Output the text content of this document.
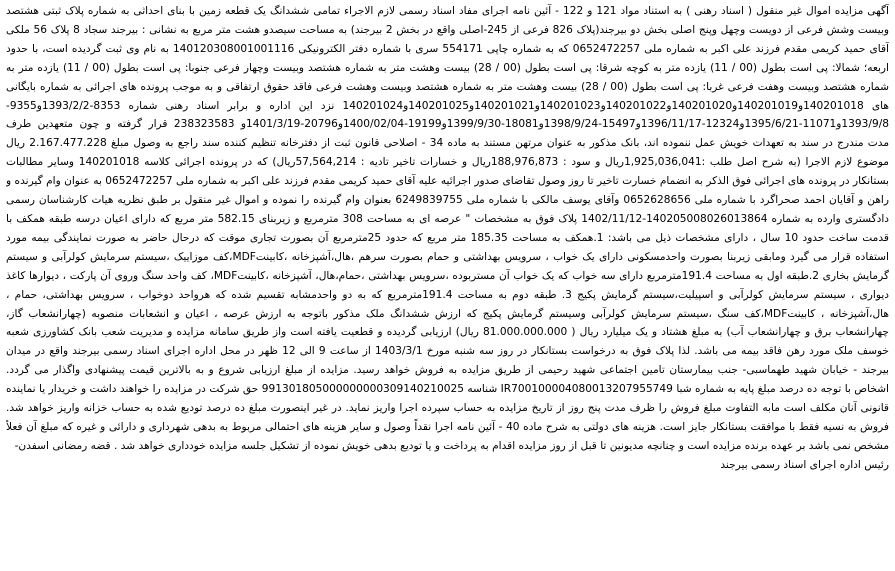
آگهی مزایده اموال غیر منقول ( اسناد رهنی ) به استناد مواد 121 و 122 - آئین نامه اجرای مفاد اسناد رسمی لازم الاجراء تمامی ششدانگ یک قطعه زمین با بنای احداثی به شماره پلاک ثبتی هشتصد وبیست وشش فرعی از دویست وچهل وپنج اصلی بخش دو بیرجند(پلاک 826 فرعی از 245-اصلی واقع در بخش 2 بیرجند) به مساحت سیصدو هشت متر مربع به نشانی : بیرجند سجاد 8 پلاک 56 ملکی آقای حمید کریمی مقدم فرزند علی اکبر به شماره ملی 0652472257 که به شماره چاپی 554171 سری با شماره دفتر الکترونیکی 140120308001001116 به نام وی ثبت گردیده است، با حدود اربعه؛ شمالا: پی است بطول (00 / 11) یازده متر به کوچه شرقا: پی است بطول (00 / 28) بیست وهشت متر به شماره هشتصد وبیست وچهار فرعی جنوبا: پی است بطول (00 / 11) یازده متر به شماره هشتصد وبیست وهفت فرعی غربا: پی است بطول (00 / 28) بیست وهشت متر به شماره هشتصد وبیست وهشت فرعی فاقد حقوق ارتفاقی و به موجب پرونده های اجرائی به شماره بایگانی های 140201018و140201019و140201020و140201022و140201023و140201021و140201025و140201024 نزد این اداره و برابر اسناد رهنی شماره 8353-1393/2/2و9355-1393/9/8و11071-1395/6/21و12324-1396/11/17و15497-1398/9/24و18081-1399/9/30و19199-1400/02/04و20796-1401/3/19و 238323583 قرار گرفته و چون متعهدین طرف مدت مندرج در سند به تعهدات خویش عمل ننموده اند، بانک مذکور به عنوان مرتهن مستند به ماده 34 - اصلاحی قانون ثبت از دفترخانه تنظیم کننده سند راجع به وصول مبلغ 2.167.477.228 ریال موضوع لازم الاجرا (به شرح اصل طلب :1,925,036,041ریال و سود : 188,976,873ریال و خسارات تاخیر تادیه : 57,564,214ریال) که در پرونده اجرائی کلاسه 140201018 وسایر مطالبات بستانکار در پرونده های اجرائی فوق الذکر به انضمام خسارت تاخیر تا روز وصول تقاضای صدور اجرائیه علیه آقای حمید کریمی مقدم فرزند علی اکبر به شماره ملی 0652472257 به عنوان وام گیرنده و راهن و آقایان احمد صحراگرد با شماره ملی 0652628656 وآقای یوسف مالکی با شماره ملی 6249839755 بعنوان وام گیرنده را نموده و اموال غیر منقول بر طبق نظریه هیات کارشناسان رسمی دادگستری وارده به شماره 140205008026013864-1402/11/12 پلاک فوق به مشخصات " عرصه ای به مساحت 308 مترمربع و زیربنای 582.15 متر مربع که دارای اعیان درسه طبقه همکف با قدمت ساخت حدود 10 سال ، دارای مشخصات ذیل می باشد: 1.همکف به مساحت 185.35 متر مربع که حدود 25مترمربع آن بصورت تجاری موقت که درحال حاضر به صورت نمایندگی بیمه مورد استفاده قرار می گیرد ومابقی زیربنا بصورت واحدمسکونی دارای یک خواب ، سرویس بهداشتی و حمام بصورت سرهم ،هال،آشپزخانه ،کابینتMDF،کف موزاییک ،سیستم سرمایش کولرآبی و سیستم گرمایش بخاری 2.طبقه اول به مساحت 191.4مترمربع دارای سه خواب که یک خواب آن مستربوده ،سرویس بهداشتی ،حمام،هال، آشپزخانه ،کابینتMDF، کف واحد سنگ وروی آن پارکت ، دیوارها کاغذ دیواری ، سیستم سرمایش کولرآبی و اسپیلیت،سیستم گرمایش پکیج 3. طبقه دوم به مساحت 191.4مترمربع که به دو واحدمشابه تقسیم شده که هرواحد دوخواب ، سرویس بهداشتی، حمام ، هال،آشپزخانه ، کابینتMDF،کف سنگ ،سیستم سرمایش کولرآبی وسیستم گرمایش پکیج که ارزش ششدانگ ملک مذکور باتوجه به ارزش عرصه ، اعیان و انشعابات منصوبه (چهارانشعاب گاز، چهارانشعاب برق و چهارانشعاب آب) به مبلغ هشتاد و یک میلیارد ریال ( 81.000.000.000 ریال) ارزیابی گردیده و قطعیت یافته است واز طریق سامانه مزایده و مدیریت شعب بانک کشاورزی شعبه خوسف ملک مورد رهن فاقد بیمه می باشد. لذا پلاک فوق به درخواست بستانکار در روز سه شنبه مورخ 1403/3/1 از ساعت 9 الی 12 ظهر در محل اداره اجرای اسناد رسمی بیرجند واقع در میدان بیرجند - خیابان شهید طهماسبی- جنب بیمارستان تامین اجتماعی شهید رحیمی از طریق مزایده به فروش خواهد رسید. مزایده از مبلغ ارزیابی شروع و به بالاترین قیمت پیشنهادی واگذار می گردد. اشخاص با توجه ده درصد مبلغ پایه به شماره شبا IR700100004080013207955749 شناسه 991301805000000000309140210025 حق شرکت در مزایده را خواهند داشت و خریدار یا نماینده قانونی آنان مکلف است مابه التفاوت مبلغ فروش را ظرف مدت پنج روز از تاریخ مزایده به حساب سپرده اجرا واریز نماید. در غیر اینصورت مبلغ ده درصد تودیع شده به حساب خزانه واریز خواهد شد. فروش به نسیه فقط با موافقت بستانکار جایز است. هزینه های دولتی به شرح ماده 40 - آئین نامه اجرا نقداً وصول و سایر هزینه های احتمالی مربوط به بدهی شهرداری و دارائی و غیره که مبلغ آن فعلاً مشخص نمی باشد بر عهده برنده مزایده است و چنانچه مدیونین تا قبل از روز مزایده اقدام به پرداخت و یا تودیع بدهی خویش نموده از تشکیل جلسه مزایده خودداری خواهد شد . قضه رمضانی اسفدن-

رئیس اداره اجرای اسناد رسمی بیرجند
